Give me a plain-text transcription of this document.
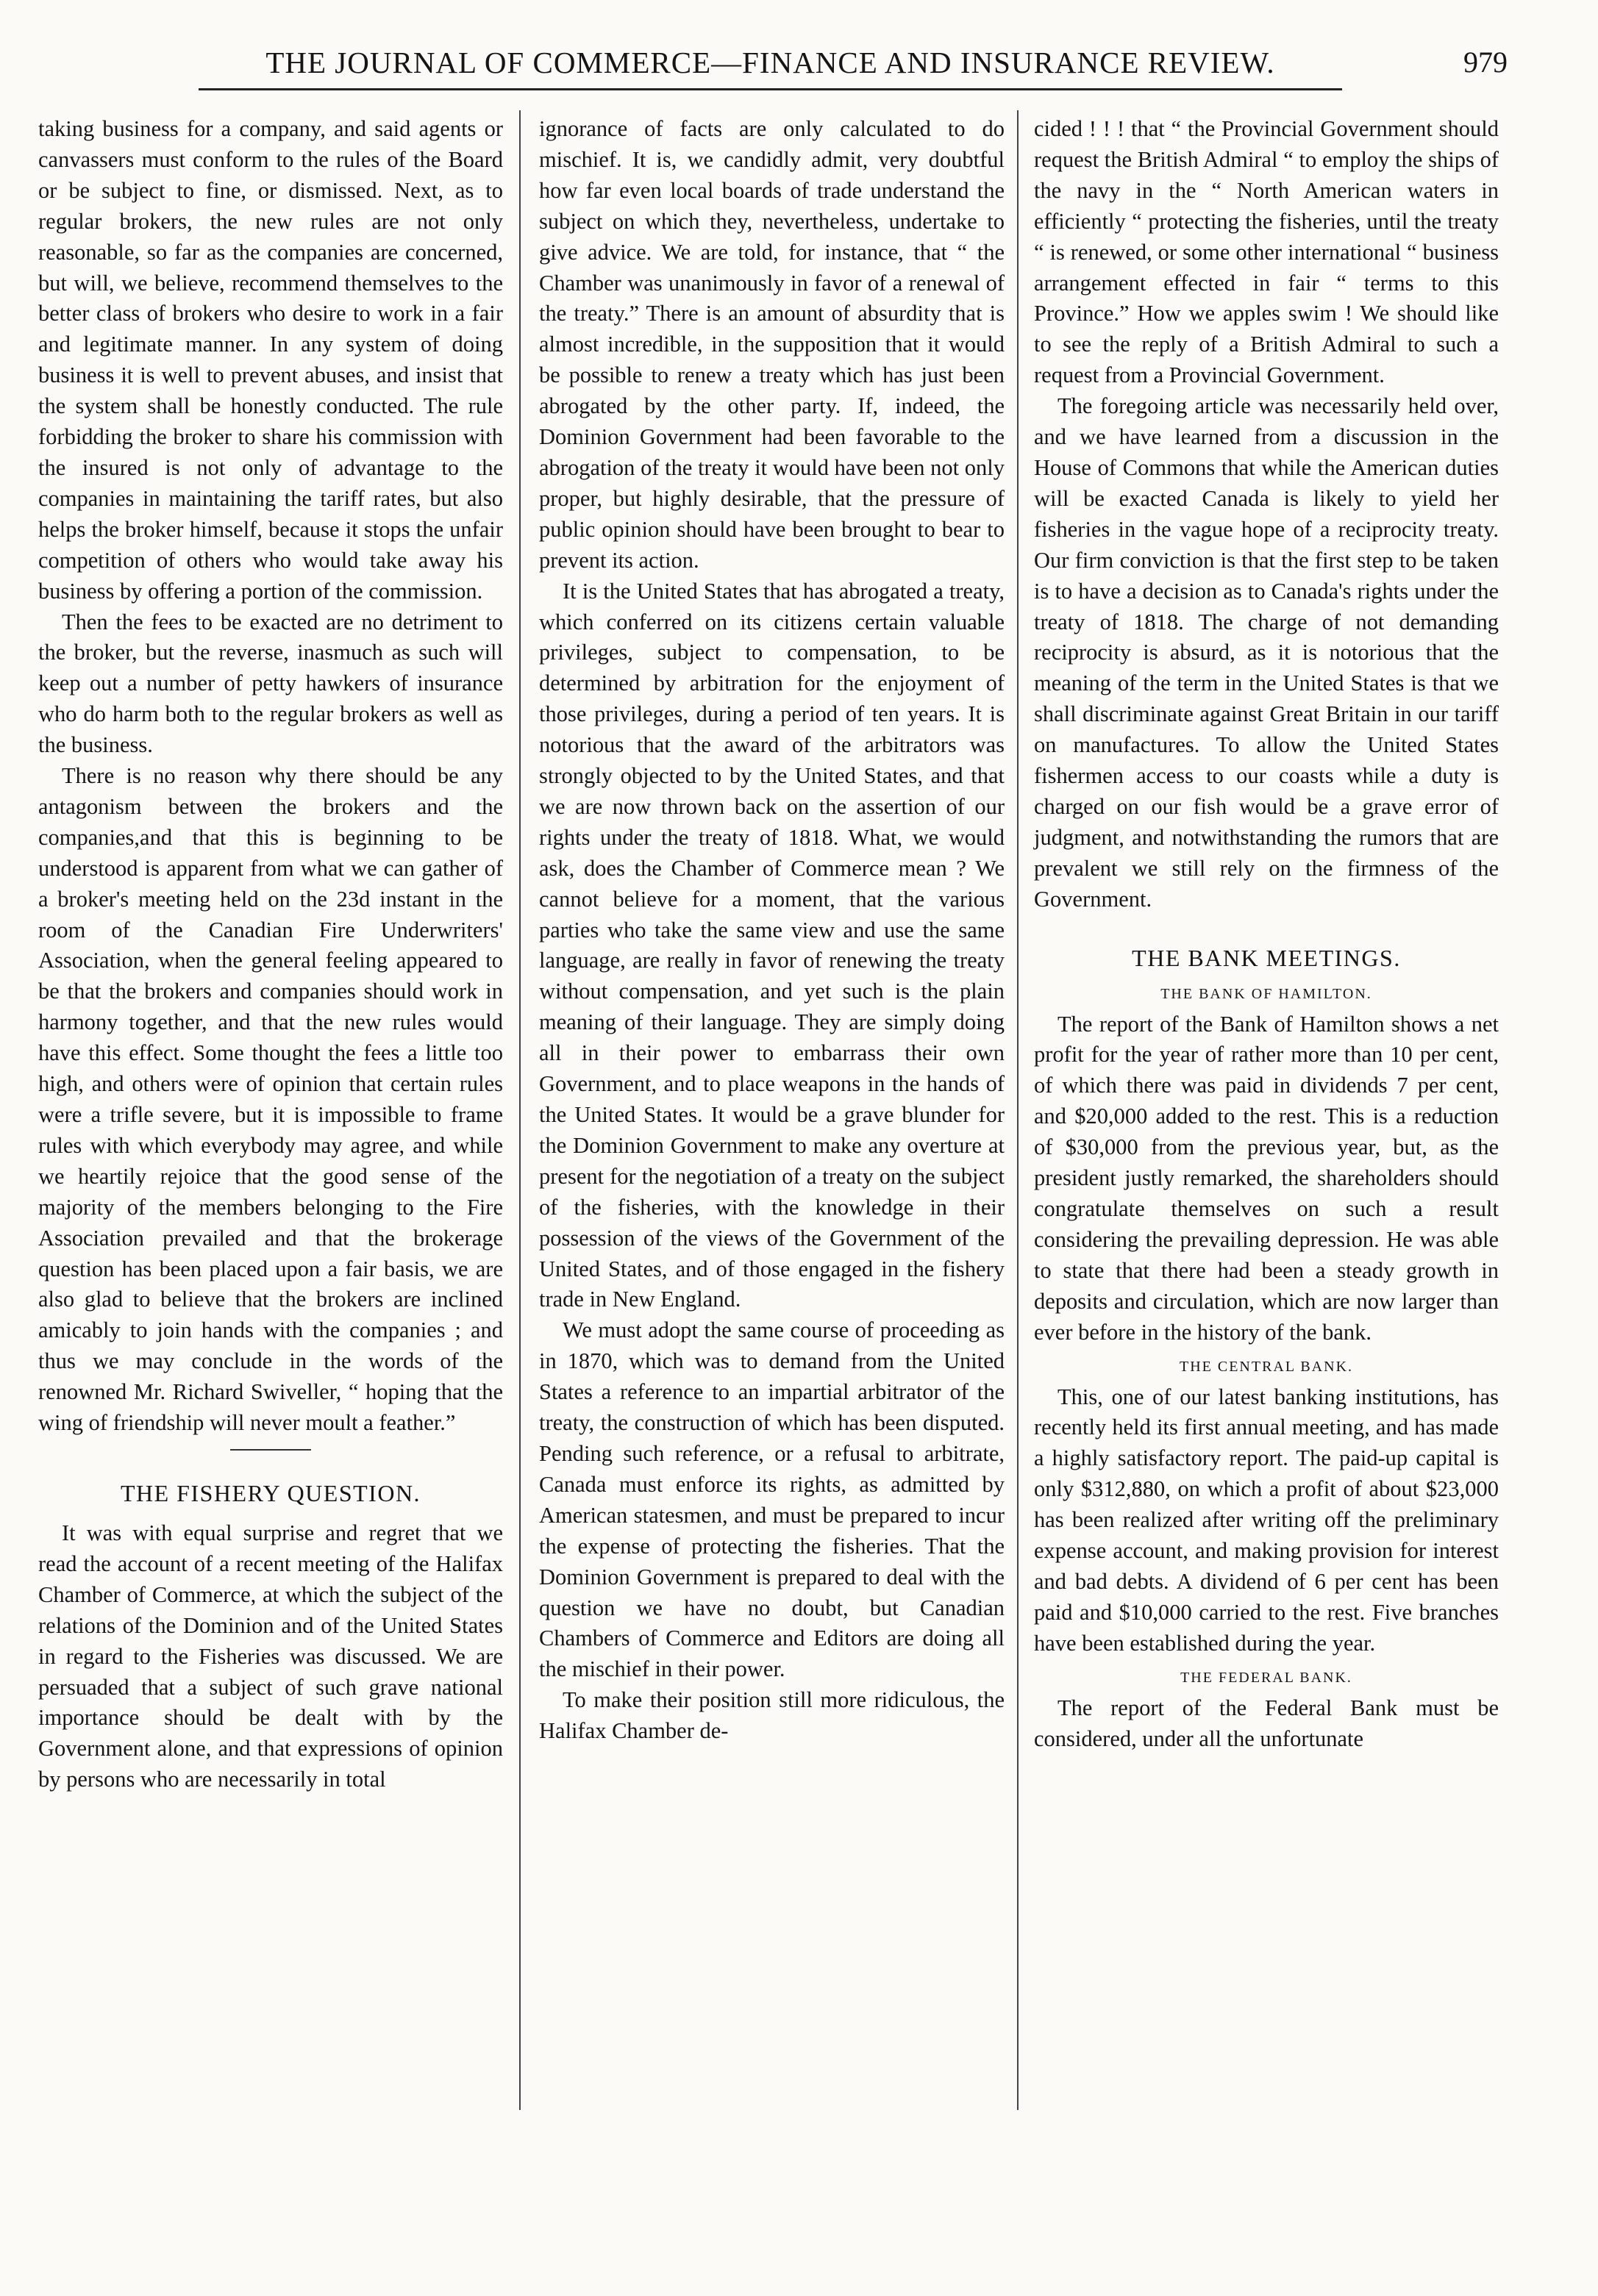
THE JOURNAL OF COMMERCE—FINANCE AND INSURANCE REVIEW.	979

taking business for a company, and said agents or canvassers must conform to the rules of the Board or be subject to fine, or dismissed. Next, as to regular brokers, the new rules are not only reasonable, so far as the companies are concerned, but will, we believe, recommend themselves to the better class of brokers who desire to work in a fair and legitimate manner. In any system of doing business it is well to prevent abuses, and insist that the system shall be honestly conducted. The rule forbidding the broker to share his commission with the insured is not only of advantage to the companies in maintaining the tariff rates, but also helps the broker himself, because it stops the unfair competition of others who would take away his business by offering a portion of the commission.

Then the fees to be exacted are no detriment to the broker, but the reverse, inasmuch as such will keep out a number of petty hawkers of insurance who do harm both to the regular brokers as well as the business.

There is no reason why there should be any antagonism between the brokers and the companies,and that this is beginning to be understood is apparent from what we can gather of a broker's meeting held on the 23d instant in the room of the Canadian Fire Underwriters' Association, when the general feeling appeared to be that the brokers and companies should work in harmony together, and that the new rules would have this effect. Some thought the fees a little too high, and others were of opinion that certain rules were a trifle severe, but it is impossible to frame rules with which everybody may agree, and while we heartily rejoice that the good sense of the majority of the members belonging to the Fire Association prevailed and that the brokerage question has been placed upon a fair basis, we are also glad to believe that the brokers are inclined amicably to join hands with the companies ; and thus we may conclude in the words of the renowned Mr. Richard Swiveller, “ hoping that the wing of friendship will never moult a feather.”

THE FISHERY QUESTION.

It was with equal surprise and regret that we read the account of a recent meeting of the Halifax Chamber of Commerce, at which the subject of the relations of the Dominion and of the United States in regard to the Fisheries was discussed. We are persuaded that a subject of such grave national importance should be dealt with by the Government alone, and that expressions of opinion by persons who are necessarily in total

ignorance of facts are only calculated to do mischief. It is, we candidly admit, very doubtful how far even local boards of trade understand the subject on which they, nevertheless, undertake to give advice. We are told, for instance, that “ the Chamber was unanimously in favor of a renewal of the treaty.” There is an amount of absurdity that is almost incredible, in the supposition that it would be possible to renew a treaty which has just been abrogated by the other party. If, indeed, the Dominion Government had been favorable to the abrogation of the treaty it would have been not only proper, but highly desirable, that the pressure of public opinion should have been brought to bear to prevent its action.

It is the United States that has abrogated a treaty, which conferred on its citizens certain valuable privileges, subject to compensation, to be determined by arbitration for the enjoyment of those privileges, during a period of ten years. It is notorious that the award of the arbitrators was strongly objected to by the United States, and that we are now thrown back on the assertion of our rights under the treaty of 1818. What, we would ask, does the Chamber of Commerce mean ? We cannot believe for a moment, that the various parties who take the same view and use the same language, are really in favor of renewing the treaty without compensation, and yet such is the plain meaning of their language. They are simply doing all in their power to embarrass their own Government, and to place weapons in the hands of the United States. It would be a grave blunder for the Dominion Government to make any overture at present for the negotiation of a treaty on the subject of the fisheries, with the knowledge in their possession of the views of the Government of the United States, and of those engaged in the fishery trade in New England.

We must adopt the same course of proceeding as in 1870, which was to demand from the United States a reference to an impartial arbitrator of the treaty, the construction of which has been disputed. Pending such reference, or a refusal to arbitrate, Canada must enforce its rights, as admitted by American statesmen, and must be prepared to incur the expense of protecting the fisheries. That the Dominion Government is prepared to deal with the question we have no doubt, but Canadian Chambers of Commerce and Editors are doing all the mischief in their power.

To make their position still more ridiculous, the Halifax Chamber de-

cided ! ! ! that “ the Provincial Government should request the British Admiral “ to employ the ships of the navy in the “ North American waters in efficiently “ protecting the fisheries, until the treaty “ is renewed, or some other international “ business arrangement effected in fair “ terms to this Province.” How we apples swim ! We should like to see the reply of a British Admiral to such a request from a Provincial Government.

The foregoing article was necessarily held over, and we have learned from a discussion in the House of Commons that while the American duties will be exacted Canada is likely to yield her fisheries in the vague hope of a reciprocity treaty. Our firm conviction is that the first step to be taken is to have a decision as to Canada's rights under the treaty of 1818. The charge of not demanding reciprocity is absurd, as it is notorious that the meaning of the term in the United States is that we shall discriminate against Great Britain in our tariff on manufactures. To allow the United States fishermen access to our coasts while a duty is charged on our fish would be a grave error of judgment, and notwithstanding the rumors that are prevalent we still rely on the firmness of the Government.

THE BANK MEETINGS.
THE BANK OF HAMILTON.

The report of the Bank of Hamilton shows a net profit for the year of rather more than 10 per cent, of which there was paid in dividends 7 per cent, and $20,000 added to the rest. This is a reduction of $30,000 from the previous year, but, as the president justly remarked, the shareholders should congratulate themselves on such a result considering the prevailing depression. He was able to state that there had been a steady growth in deposits and circulation, which are now larger than ever before in the history of the bank.

THE CENTRAL BANK.

This, one of our latest banking institutions, has recently held its first annual meeting, and has made a highly satisfactory report. The paid-up capital is only $312,880, on which a profit of about $23,000 has been realized after writing off the preliminary expense account, and making provision for interest and bad debts. A dividend of 6 per cent has been paid and $10,000 carried to the rest. Five branches have been established during the year.

THE FEDERAL BANK.

The report of the Federal Bank must be considered, under all the unfortunate
